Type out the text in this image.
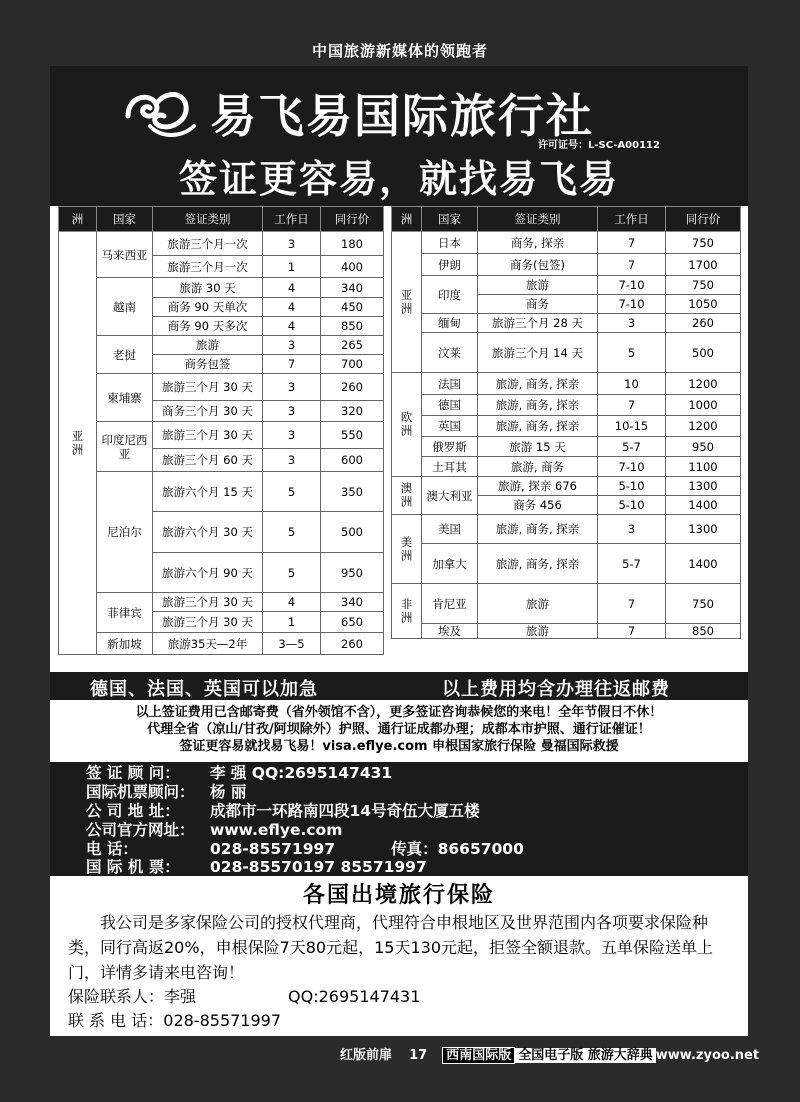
中国旅游新媒体的领跑者
易飞易国际旅行社
许可证号：L-SC-A00112
签证更容易，就找易飞易
洲	国家	签证类别	工作日	同行价
亚洲	马来西亚	旅游三个月一次	3	180
		旅游三个月一次	1	400
	越南	旅游 30 天	4	340
		商务 90 天单次	4	450
		商务 90 天多次	4	850
	老挝	旅游	3	265
		商务包签	7	700
	柬埔寨	旅游三个月 30 天	3	260
		商务三个月 30 天	3	320
	印度尼西亚	旅游三个月 30 天	3	550
		旅游三个月 60 天	3	600
	尼泊尔	旅游六个月 15 天	5	350
		旅游六个月 30 天	5	500
		旅游六个月 90 天	5	950
	菲律宾	旅游三个月 30 天	4	340
		旅游三个月 30 天	1	650
	新加坡	旅游35天—2年	3—5	260
洲	国家	签证类别	工作日	同行价
亚洲	日本	商务, 探亲	7	750
	伊朗	商务(包签)	7	1700
	印度	旅游	7-10	750
		商务	7-10	1050
	缅甸	旅游三个月 28 天	3	260
	汶莱	旅游三个月 14 天	5	500
欧洲	法国	旅游, 商务, 探亲	10	1200
	德国	旅游, 商务, 探亲	7	1000
	英国	旅游, 商务, 探亲	10-15	1200
	俄罗斯	旅游 15 天	5-7	950
	土耳其	旅游, 商务	7-10	1100
澳洲	澳大利亚	旅游, 探亲 676	5-10	1300
		商务 456	5-10	1400
美洲	美国	旅游, 商务, 探亲	3	1300
	加拿大	旅游, 商务, 探亲	5-7	1400
非洲	肯尼亚	旅游	7	750
	埃及	旅游	7	850
德国、法国、英国可以加急	以上费用均含办理往返邮费
以上签证费用已含邮寄费（省外领馆不含），更多签证咨询恭候您的来电！全年节假日不休！
代理全省（凉山/甘孜/阿坝除外）护照、通行证成都办理；成都本市护照、通行证催证！
签证更容易就找易飞易！visa.eflye.com 申根国家旅行保险 曼福国际救援
签 证 顾 问： 李 强 QQ:2695147431
国际机票顾问： 杨 丽
公 司 地 址： 成都市一环路南四段14号奇伍大厦五楼
公司官方网址： www.eflye.com
电 话：	028-85571997	传真：86657000
国 际 机 票： 028-85570197 85571997
各国出境旅行保险
我公司是多家保险公司的授权代理商，代理符合申根地区及世界范围内各项要求保险种类，同行高返20%，申根保险7天80元起，15天130元起，拒签全额退款。五单保险送单上门，详情多请来电咨询！
保险联系人：李强	QQ:2695147431
联 系 电 话：028-85571997
红版前扉 17 西南国际版 全国电子版 旅游大辞典 www.zyoo.net
